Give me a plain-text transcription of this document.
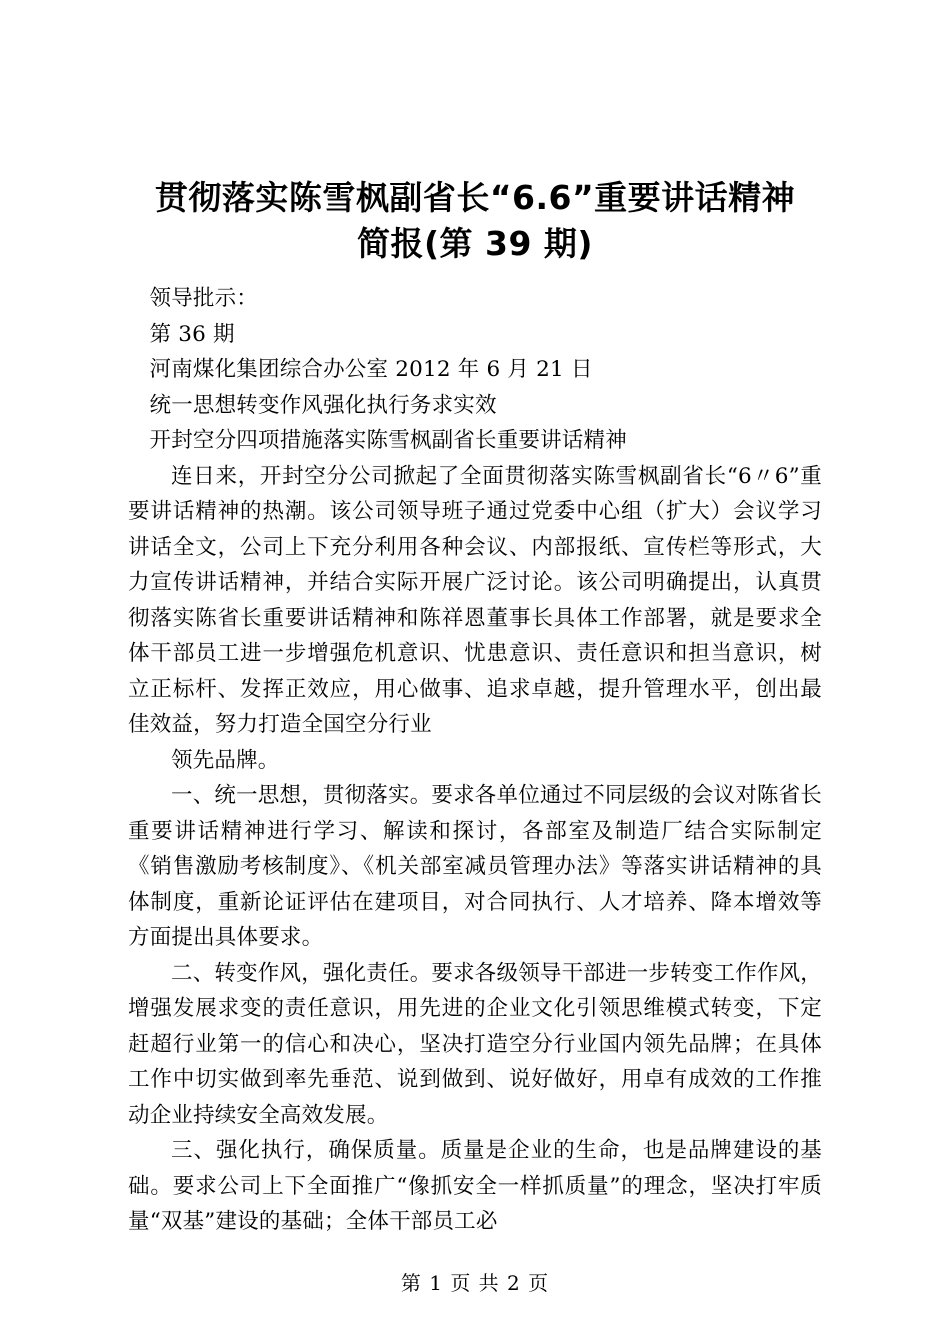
贯彻落实陈雪枫副省长“6.6”重要讲话精神
简报(第 39 期)

领导批示：

第 36 期

河南煤化集团综合办公室 2012 年 6 月 21 日

统一思想转变作风强化执行务求实效

开封空分四项措施落实陈雪枫副省长重要讲话精神

连日来，开封空分公司掀起了全面贯彻落实陈雪枫副省长“6〃6”重要讲话精神的热潮。该公司领导班子通过党委中心组（扩大）会议学习讲话全文，公司上下充分利用各种会议、内部报纸、宣传栏等形式，大力宣传讲话精神，并结合实际开展广泛讨论。该公司明确提出，认真贯彻落实陈省长重要讲话精神和陈祥恩董事长具体工作部署，就是要求全体干部员工进一步增强危机意识、忧患意识、责任意识和担当意识，树立正标杆、发挥正效应，用心做事、追求卓越，提升管理水平，创出最佳效益，努力打造全国空分行业

领先品牌。

一、统一思想，贯彻落实。要求各单位通过不同层级的会议对陈省长重要讲话精神进行学习、解读和探讨，各部室及制造厂结合实际制定《销售激励考核制度》、《机关部室减员管理办法》等落实讲话精神的具体制度，重新论证评估在建项目，对合同执行、人才培养、降本增效等方面提出具体要求。

二、转变作风，强化责任。要求各级领导干部进一步转变工作作风，增强发展求变的责任意识，用先进的企业文化引领思维模式转变，下定赶超行业第一的信心和决心，坚决打造空分行业国内领先品牌；在具体工作中切实做到率先垂范、说到做到、说好做好，用卓有成效的工作推动企业持续安全高效发展。

三、强化执行，确保质量。质量是企业的生命，也是品牌建设的基础。要求公司上下全面推广“像抓安全一样抓质量”的理念，坚决打牢质量“双基”建设的基础；全体干部员工必

第 1 页 共 2 页
